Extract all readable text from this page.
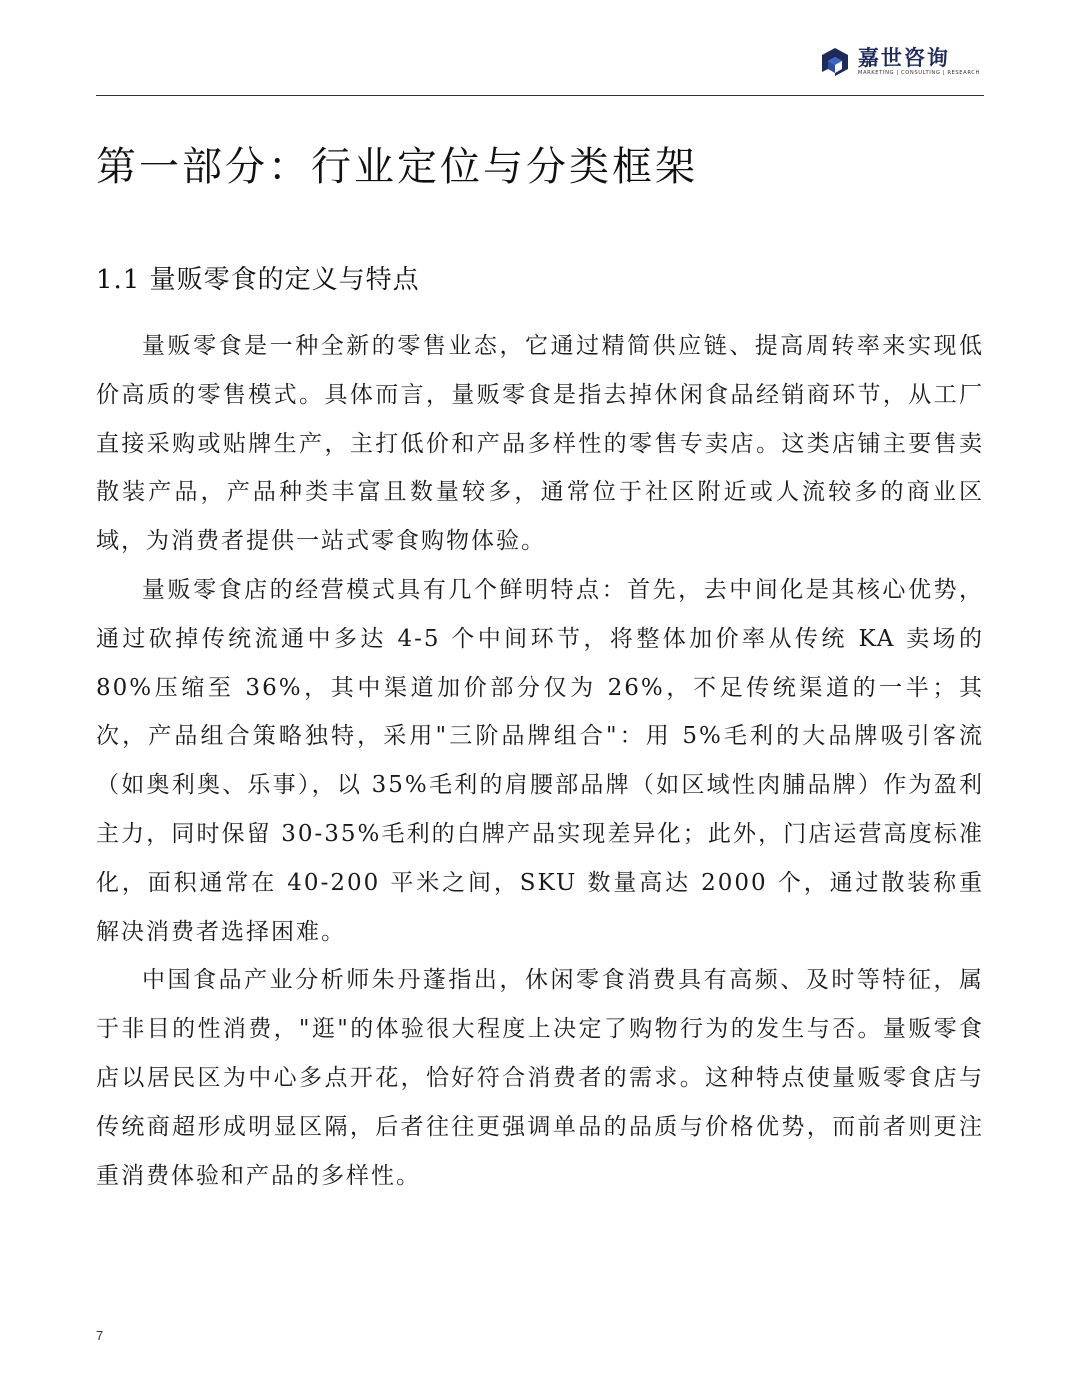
嘉世咨询
MARKETING | CONSULTING | RESEARCH
第一部分：行业定位与分类框架
1.1 量贩零食的定义与特点

量贩零食是一种全新的零售业态，它通过精简供应链、提高周转率来实现低价高质的零售模式。具体而言，量贩零食是指去掉休闲食品经销商环节，从工厂直接采购或贴牌生产，主打低价和产品多样性的零售专卖店。这类店铺主要售卖散装产品，产品种类丰富且数量较多，通常位于社区附近或人流较多的商业区域，为消费者提供一站式零食购物体验。

量贩零食店的经营模式具有几个鲜明特点：首先，去中间化是其核心优势，通过砍掉传统流通中多达 4-5 个中间环节，将整体加价率从传统 KA 卖场的 80%压缩至 36%，其中渠道加价部分仅为 26%，不足传统渠道的一半；其次，产品组合策略独特，采用"三阶品牌组合"：用 5%毛利的大品牌吸引客流（如奥利奥、乐事），以 35%毛利的肩腰部品牌（如区域性肉脯品牌）作为盈利主力，同时保留 30-35%毛利的白牌产品实现差异化；此外，门店运营高度标准化，面积通常在 40-200 平米之间，SKU 数量高达 2000 个，通过散装称重解决消费者选择困难。

中国食品产业分析师朱丹蓬指出，休闲零食消费具有高频、及时等特征，属于非目的性消费，"逛"的体验很大程度上决定了购物行为的发生与否。量贩零食店以居民区为中心多点开花，恰好符合消费者的需求。这种特点使量贩零食店与传统商超形成明显区隔，后者往往更强调单品的品质与价格优势，而前者则更注重消费体验和产品的多样性。

7
